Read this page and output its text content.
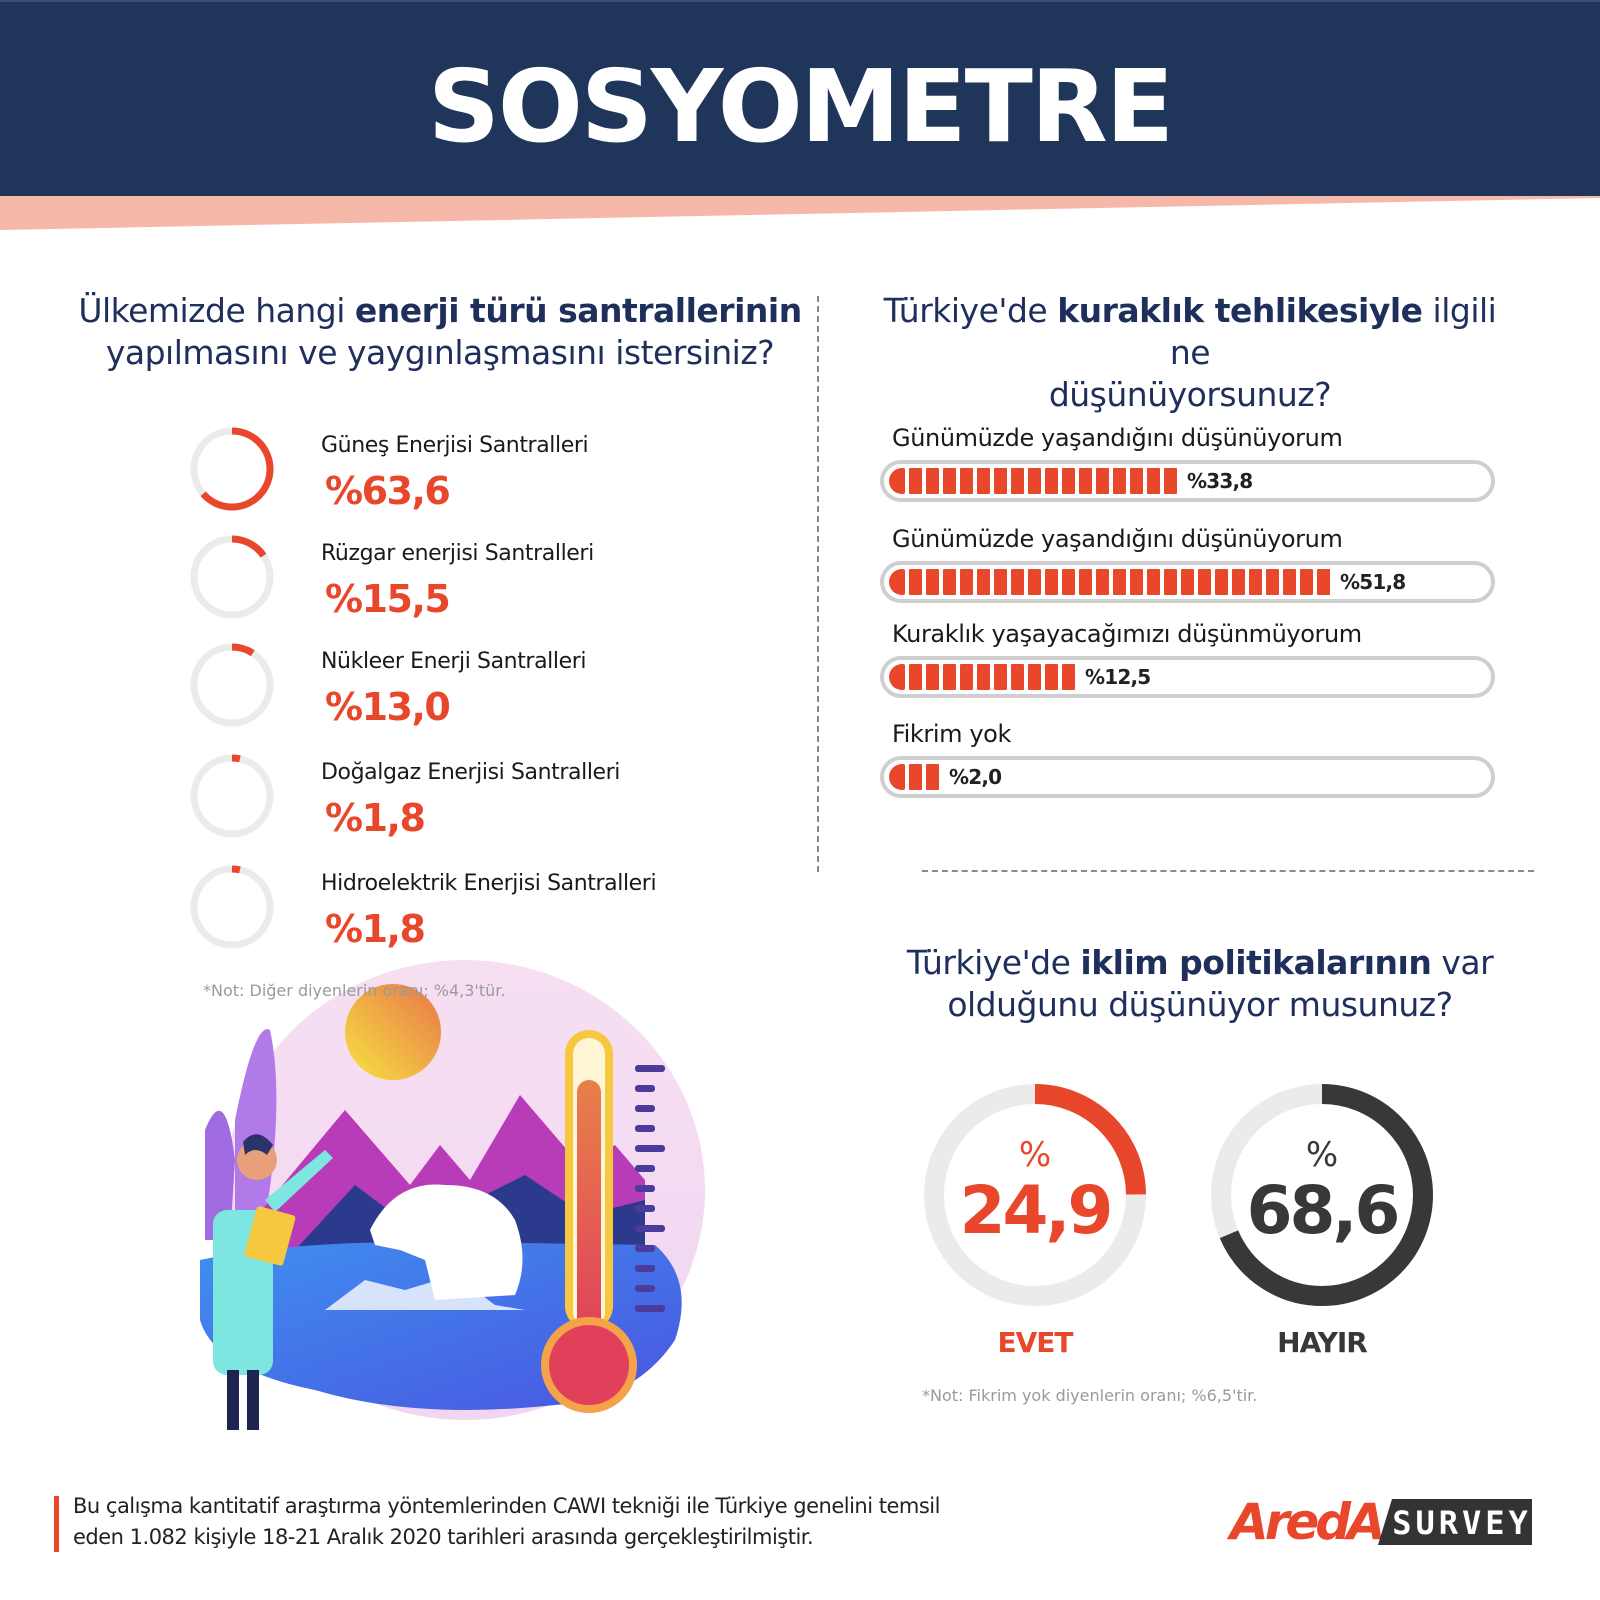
SOSYOMETRE
Ülkemizde hangi enerji türü santrallerinin
yapılmasını ve yaygınlaşmasını istersiniz?
Güneş Enerjisi Santralleri
%63,6
Rüzgar enerjisi Santralleri
%15,5
Nükleer Enerji Santralleri
%13,0
Doğalgaz Enerjisi Santralleri
%1,8
Hidroelektrik Enerjisi Santralleri
%1,8
*Not: Diğer diyenlerin oranı; %4,3'tür.
Türkiye'de kuraklık tehlikesiyle ilgili ne
düşünüyorsunuz?
Günümüzde yaşandığını düşünüyorum
%33,8
Günümüzde yaşandığını düşünüyorum
%51,8
Kuraklık yaşayacağımızı düşünmüyorum
%12,5
Fikrim yok
%2,0
Türkiye'de iklim politikalarının var
olduğunu düşünüyor musunuz?
%
24,9
EVET
%
68,6
HAYIR
*Not: Fikrim yok diyenlerin oranı; %6,5'tir.
Bu çalışma kantitatif araştırma yöntemlerinden CAWI tekniği ile Türkiye genelini temsil
eden 1.082 kişiyle 18-21 Aralık 2020 tarihleri arasında gerçekleştirilmiştir.	AredA SURVEY
